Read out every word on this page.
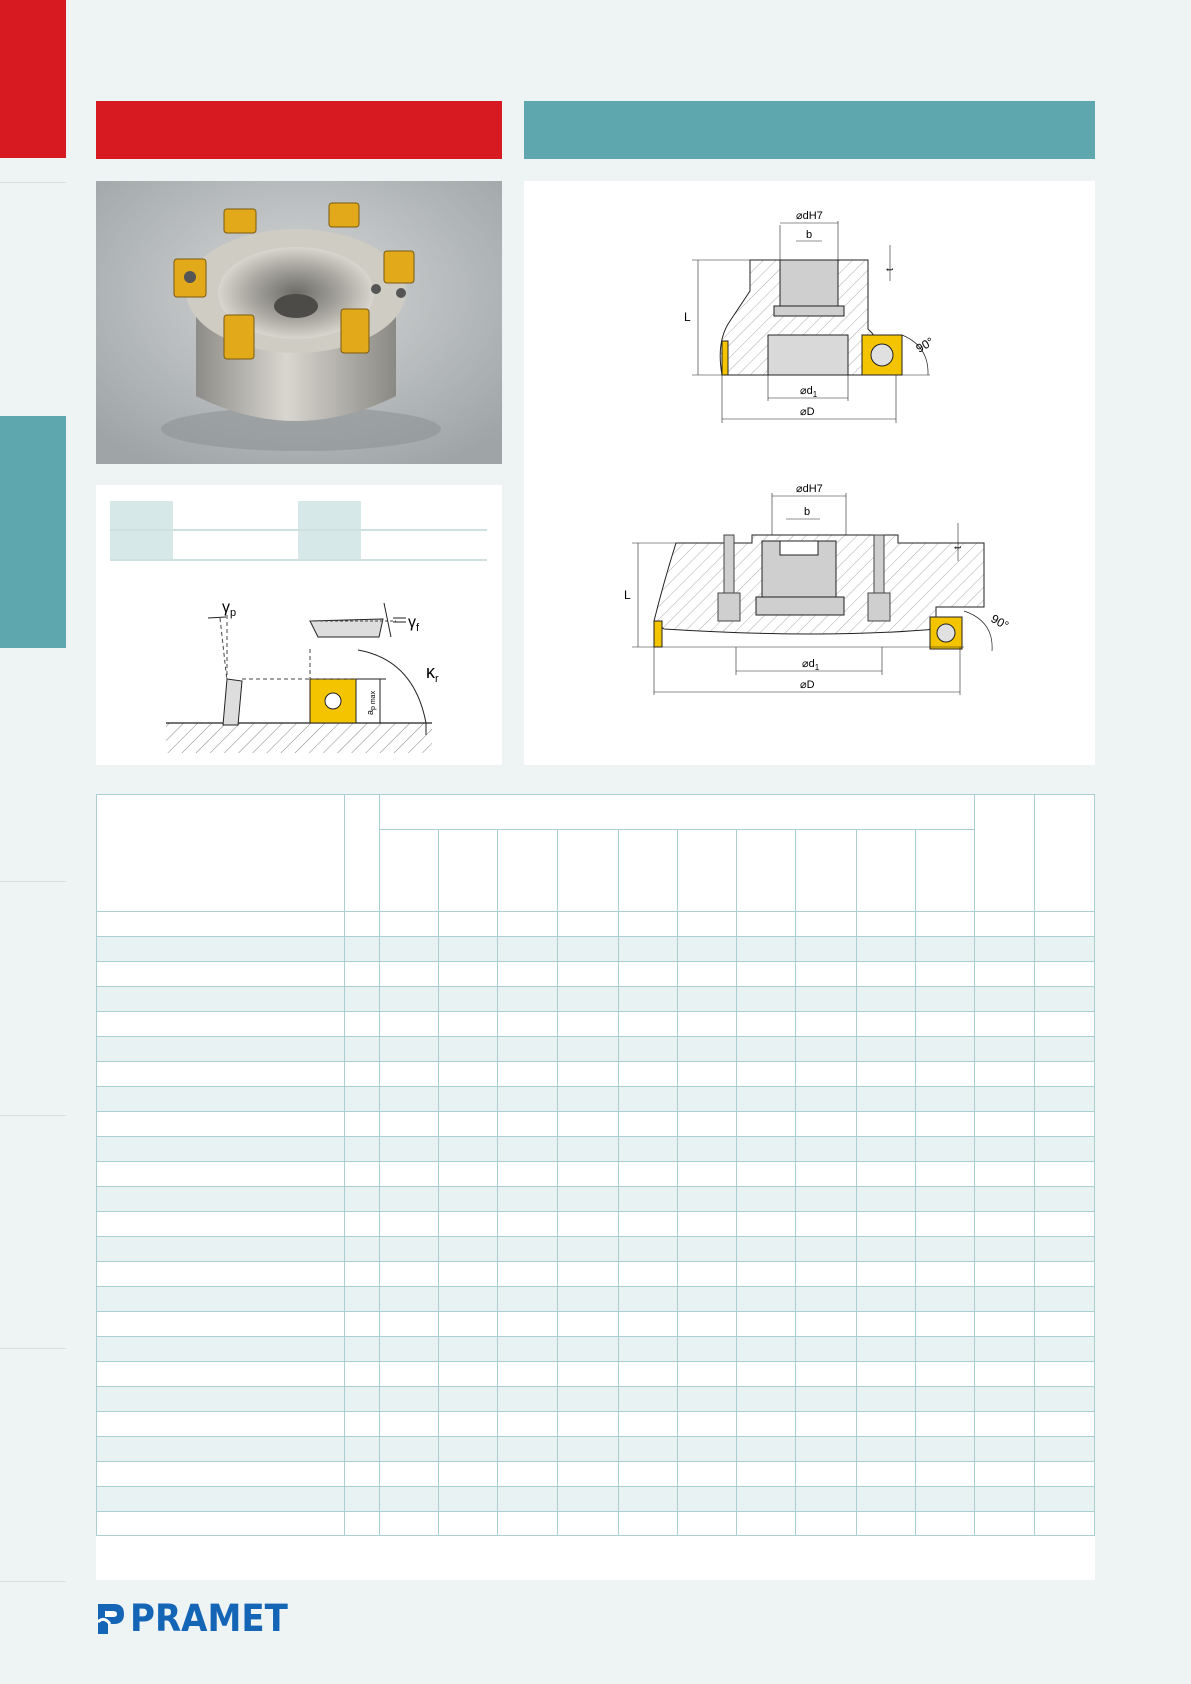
$\gamma_p$
$\gamma_f$
$\kappa_r$
$a_{p max}$
L
⌀dH7
b
t
90°
$⌀d_1$
⌀D
L
⌀dH7
b
t
90°
$⌀d_1$
⌀D

PRAMET
